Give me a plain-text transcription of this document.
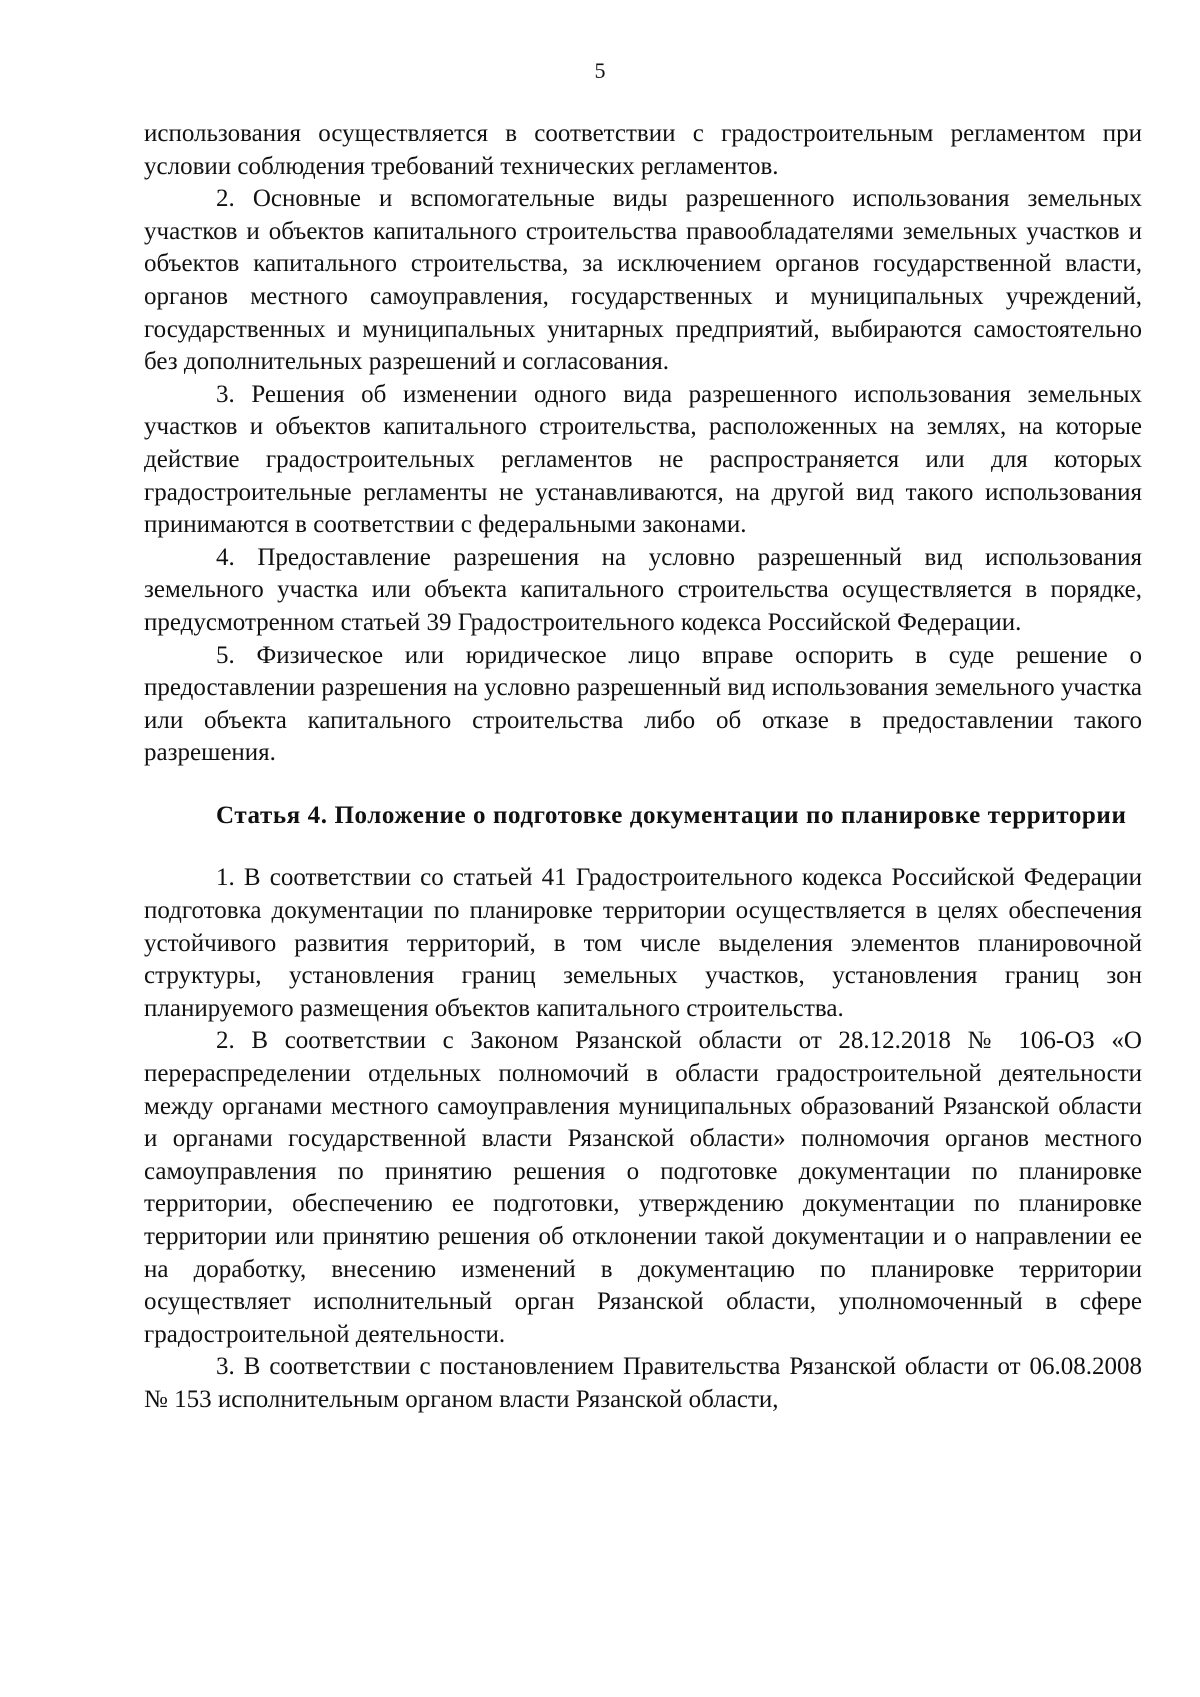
5

использования осуществляется в соответствии с градостроительным регламентом при условии соблюдения требований технических регламентов.

2. Основные и вспомогательные виды разрешенного использования земельных участков и объектов капитального строительства правообладателями земельных участков и объектов капитального строительства, за исключением органов государственной власти, органов местного самоуправления, государственных и муниципальных учреждений, государственных и муниципальных унитарных предприятий, выбираются самостоятельно без дополнительных разрешений и согласования.

3. Решения об изменении одного вида разрешенного использования земельных участков и объектов капитального строительства, расположенных на землях, на которые действие градостроительных регламентов не распространяется или для которых градостроительные регламенты не устанавливаются, на другой вид такого использования принимаются в соответствии с федеральными законами.

4. Предоставление разрешения на условно разрешенный вид использования земельного участка или объекта капитального строительства осуществляется в порядке, предусмотренном статьей 39 Градостроительного кодекса Российской Федерации.

5. Физическое или юридическое лицо вправе оспорить в суде решение о предоставлении разрешения на условно разрешенный вид использования земельного участка или объекта капитального строительства либо об отказе в предоставлении такого разрешения.

Статья 4. Положение о подготовке документации по планировке территории

1. В соответствии со статьей 41 Градостроительного кодекса Российской Федерации подготовка документации по планировке территории осуществляется в целях обеспечения устойчивого развития территорий, в том числе выделения элементов планировочной структуры, установления границ земельных участков, установления границ зон планируемого размещения объектов капитального строительства.

2. В соответствии с Законом Рязанской области от 28.12.2018 № 106-ОЗ «О перераспределении отдельных полномочий в области градостроительной деятельности между органами местного самоуправления муниципальных образований Рязанской области и органами государственной власти Рязанской области» полномочия органов местного самоуправления по принятию решения о подготовке документации по планировке территории, обеспечению ее подготовки, утверждению документации по планировке территории или принятию решения об отклонении такой документации и о направлении ее на доработку, внесению изменений в документацию по планировке территории осуществляет исполнительный орган Рязанской области, уполномоченный в сфере градостроительной деятельности.

3. В соответствии с постановлением Правительства Рязанской области от 06.08.2008 № 153 исполнительным органом власти Рязанской области,
